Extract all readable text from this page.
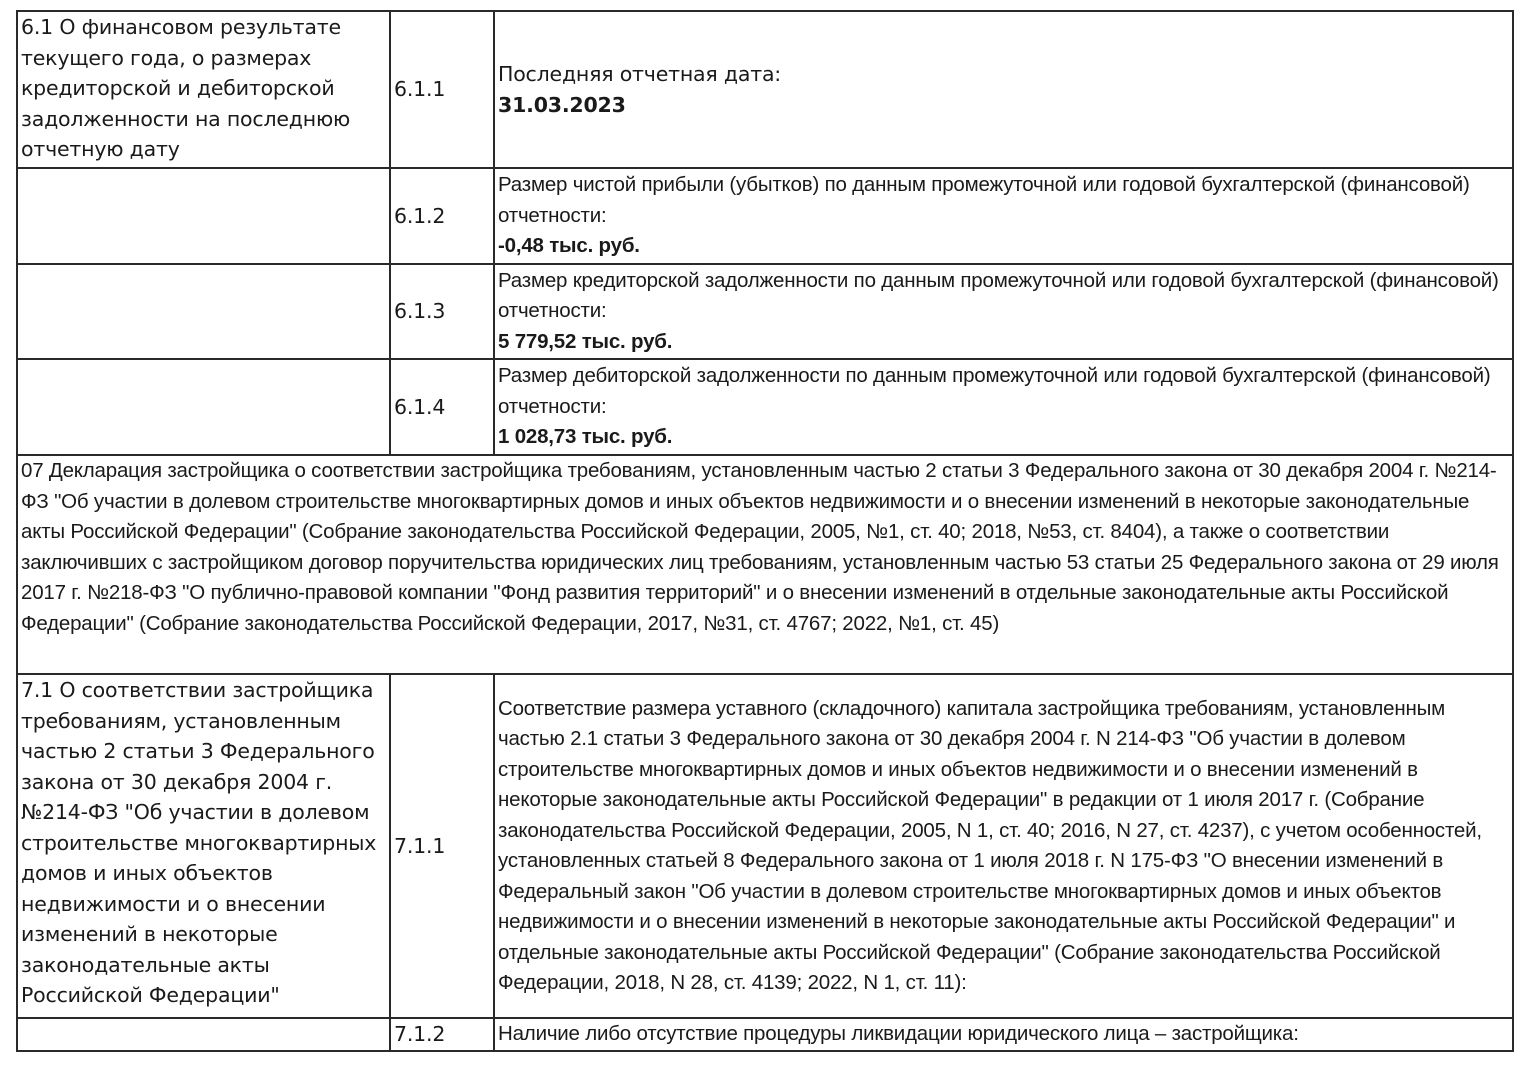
6.1 О финансовом результате текущего года, о размерах кредиторской и дебиторской задолженности на последнюю отчетную дату	6.1.1	Последняя отчетная дата:
31.03.2023

	6.1.2	Размер чистой прибыли (убытков) по данным промежуточной или годовой бухгалтерской (финансовой) отчетности:
-0,48 тыс. руб.

	6.1.3	Размер кредиторской задолженности по данным промежуточной или годовой бухгалтерской (финансовой) отчетности:
5 779,52 тыс. руб.

	6.1.4	Размер дебиторской задолженности по данным промежуточной или годовой бухгалтерской (финансовой) отчетности:
1 028,73 тыс. руб.

07 Декларация застройщика о соответствии застройщика требованиям, установленным частью 2 статьи 3 Федерального закона от 30 декабря 2004 г. №214-ФЗ "Об участии в долевом строительстве многоквартирных домов и иных объектов недвижимости и о внесении изменений в некоторые законодательные акты Российской Федерации" (Собрание законодательства Российской Федерации, 2005, №1, ст. 40; 2018, №53, ст. 8404), а также о соответствии заключивших с застройщиком договор поручительства юридических лиц требованиям, установленным частью 53 статьи 25 Федерального закона от 29 июля 2017 г. №218-ФЗ "О публично-правовой компании "Фонд развития территорий" и о внесении изменений в отдельные законодательные акты Российской Федерации" (Собрание законодательства Российской Федерации, 2017, №31, ст. 4767; 2022, №1, ст. 45)		
7.1 О соответствии застройщика требованиям, установленным частью 2 статьи 3 Федерального закона от 30 декабря 2004 г. №214-ФЗ "Об участии в долевом строительстве многоквартирных домов и иных объектов недвижимости и о внесении изменений в некоторые законодательные акты Российской Федерации"	7.1.1	Соответствие размера уставного (складочного) капитала застройщика требованиям, установленным частью 2.1 статьи 3 Федерального закона от 30 декабря 2004 г. N 214-ФЗ "Об участии в долевом строительстве многоквартирных домов и иных объектов недвижимости и о внесении изменений в некоторые законодательные акты Российской Федерации" в редакции от 1 июля 2017 г. (Собрание законодательства Российской Федерации, 2005, N 1, ст. 40; 2016, N 27, ст. 4237), с учетом особенностей, установленных статьей 8 Федерального закона от 1 июля 2018 г. N 175-ФЗ "О внесении изменений в Федеральный закон "Об участии в долевом строительстве многоквартирных домов и иных объектов недвижимости и о внесении изменений в некоторые законодательные акты Российской Федерации" и отдельные законодательные акты Российской Федерации" (Собрание законодательства Российской Федерации, 2018, N 28, ст. 4139; 2022, N 1, ст. 11):
	7.1.2	Наличие либо отсутствие процедуры ликвидации юридического лица – застройщика:
